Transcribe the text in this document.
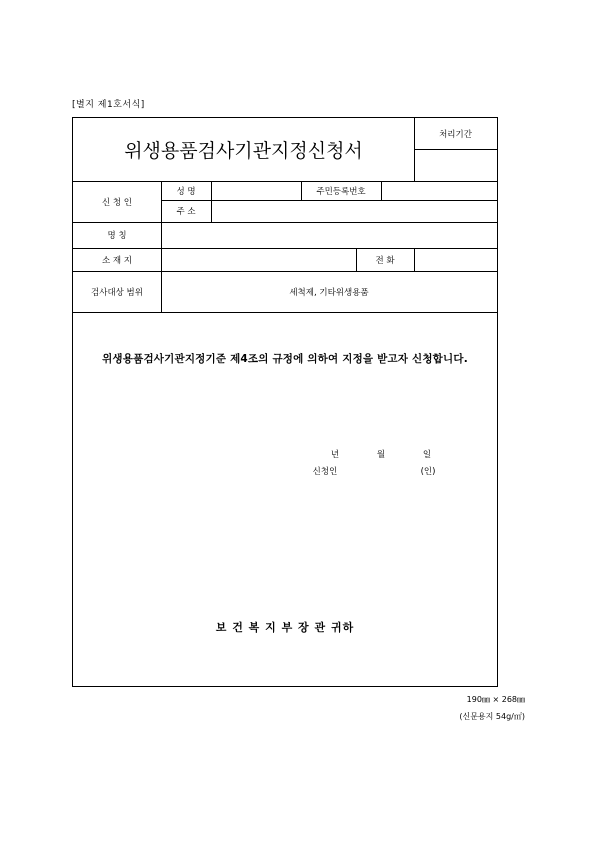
[별지 제1호서식]
위생용품검사기관지정신청서
처리기간
신 청 인
성 명	주민등록번호
주 소
명 칭
소 재 지	전 화
검사대상 범위	세척제, 기타위생용품
위생용품검사기관지정기준 제4조의 규정에 의하여 지정을 받고자 신청합니다.
년	월	일
신청인	(인)
보 건 복 지 부 장 관 귀하
190㎜ × 268㎜
(신문용지 54g/㎡)
